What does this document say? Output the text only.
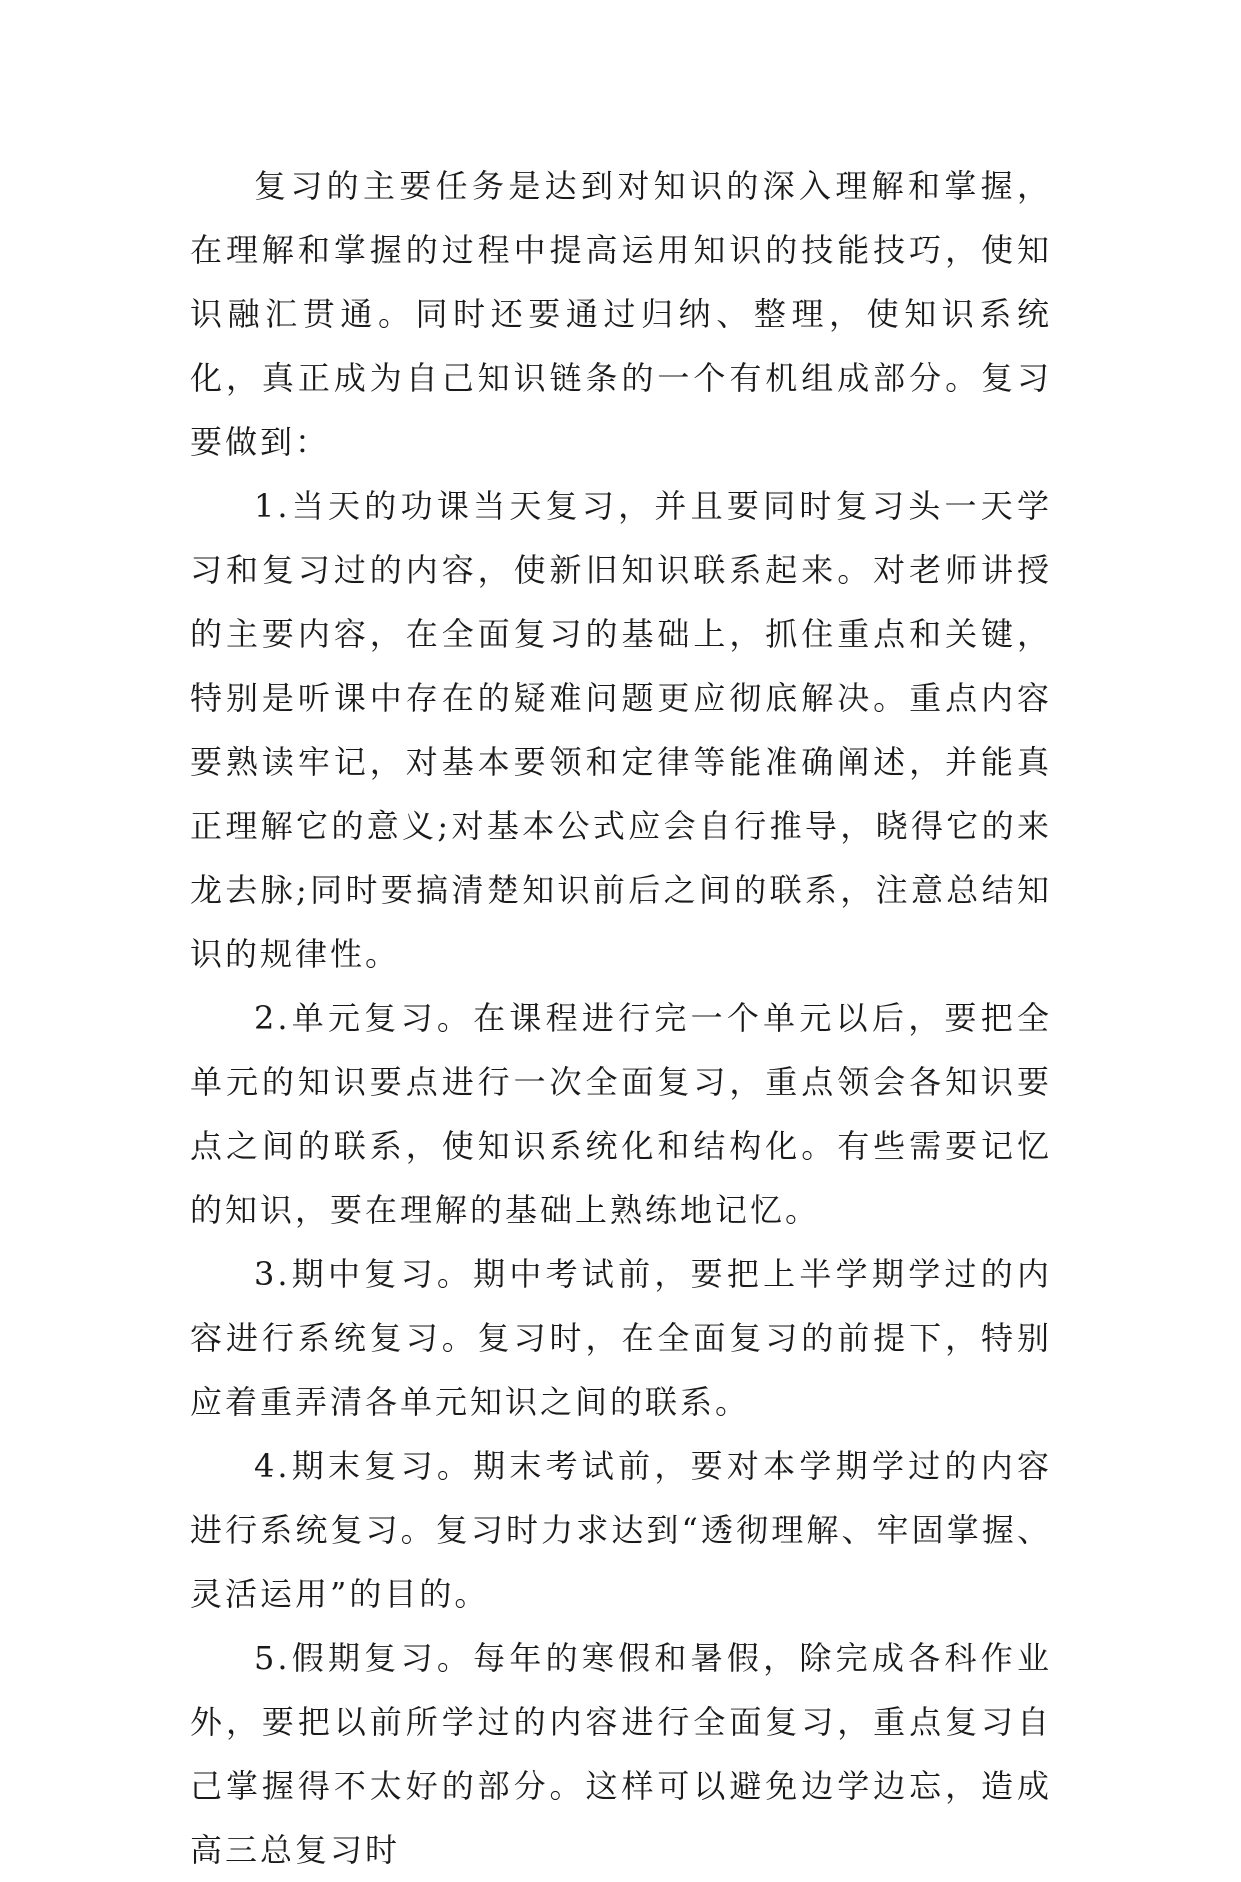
复习的主要任务是达到对知识的深入理解和掌握，在理解和掌握的过程中提高运用知识的技能技巧，使知识融汇贯通。同时还要通过归纳、整理，使知识系统化，真正成为自己知识链条的一个有机组成部分。复习要做到：

1.当天的功课当天复习，并且要同时复习头一天学习和复习过的内容，使新旧知识联系起来。对老师讲授的主要内容，在全面复习的基础上，抓住重点和关键，特别是听课中存在的疑难问题更应彻底解决。重点内容要熟读牢记，对基本要领和定律等能准确阐述，并能真正理解它的意义;对基本公式应会自行推导，晓得它的来龙去脉;同时要搞清楚知识前后之间的联系，注意总结知识的规律性。

2.单元复习。在课程进行完一个单元以后，要把全单元的知识要点进行一次全面复习，重点领会各知识要点之间的联系，使知识系统化和结构化。有些需要记忆的知识，要在理解的基础上熟练地记忆。

3.期中复习。期中考试前，要把上半学期学过的内容进行系统复习。复习时，在全面复习的前提下，特别应着重弄清各单元知识之间的联系。

4.期末复习。期末考试前，要对本学期学过的内容进行系统复习。复习时力求达到“透彻理解、牢固掌握、灵活运用”的目的。

5.假期复习。每年的寒假和暑假，除完成各科作业外，要把以前所学过的内容进行全面复习，重点复习自己掌握得不太好的部分。这样可以避免边学边忘，造成高三总复习时
